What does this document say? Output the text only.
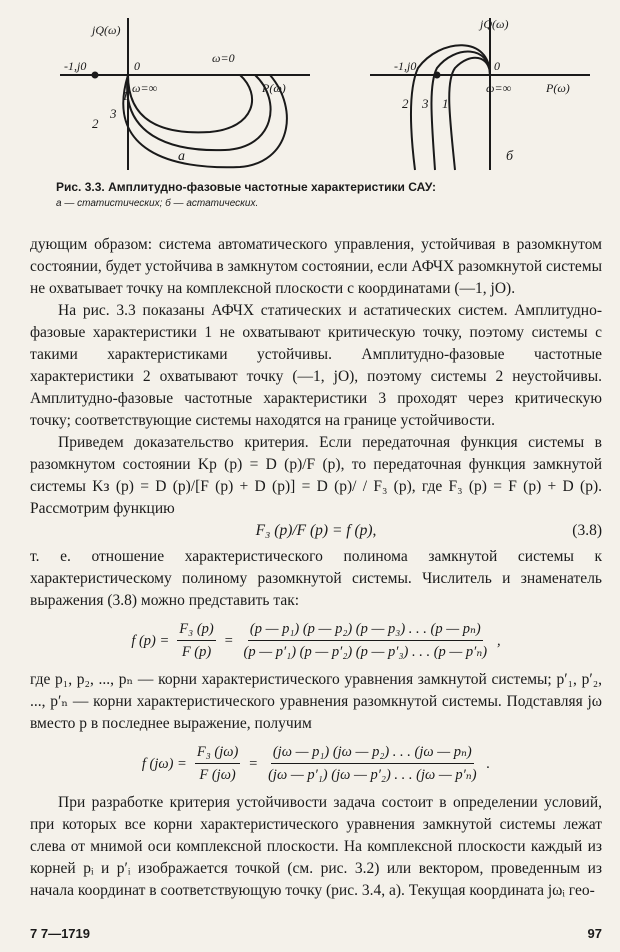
jQ(ω)
P(ω)
-1,j0	0
ω=∞
ω=0
1
3
2
a
jQ(ω)
P(ω)
-1,j0	0
ω=∞
2 3 1
б
Рис. 3.3. Амплитудно-фазовые частотные характеристики САУ:
а — статистических; б — астатических.

дующим образом: система автоматического управления, устойчивая в разомкнутом состоянии, будет устойчива в замкнутом состоянии, если АФЧХ разомкнутой системы не охватывает точку на комплексной плоскости с координатами (—1, jO).

На рис. 3.3 показаны АФЧХ статических и астатических систем. Амплитудно-фазовые характеристики 1 не охватывают критическую точку, поэтому системы с такими характеристиками устойчивы. Амплитудно-фазовые частотные характеристики 2 охватывают точку (—1, jO), поэтому системы 2 неустойчивы. Амплитудно-фазовые частотные характеристики 3 проходят через критическую точку; соответствующие системы находятся на границе устойчивости.

Приведем доказательство критерия. Если передаточная функция системы в разомкнутом состоянии Kр (p) = D (p)/F (p), то передаточная функция замкнутой системы Kз (p) = D (p)/[F (p) + D (p)] = D (p)/ / F₃ (p), где F₃ (p) = F (p) + D (p). Рассмотрим функцию

F₃ (p)/F (p) = f (p),	(3.8)

т. е. отношение характеристического полинома замкнутой системы к характеристическому полиному разомкнутой системы. Числитель и знаменатель выражения (3.8) можно представить так:

f $(p) = \frac{\text{F₃ (p)}}{F (p)} = \frac{\text{(p — p₁) (p — p₂) (p — p₃) . . . (p — pₙ)}}{\text{(p — p′₁) (p — p′₂) (p — p′₃) . . . (p — p′ₙ)}}$ ,

где p₁, p₂, ..., pₙ — корни характеристического уравнения замкнутой системы; p′₁, p′₂, ..., p′ₙ — корни характеристического уравнения разомкнутой системы. Подставляя jω вместо p в последнее выражение, получим

f $(j\omega) = \frac{\text{F₃ (jω)}}{F (j\omega)} = \frac{\text{(jω — p₁) (jω — p₂) . . . (jω — pₙ)}}{\text{(jω — p′₁) (jω — p′₂) . . . (jω — p′ₙ)}}$ .

При разработке критерия устойчивости задача состоит в определении условий, при которых все корни характеристического уравнения замкнутой системы лежат слева от мнимой оси комплексной плоскости. На комплексной плоскости каждый из корней pᵢ и p′ᵢ изображается точкой (см. рис. 3.2) или вектором, проведенным из начала координат в соответствующую точку (рис. 3.4, а). Текущая координата jωᵢ гео-

7 7—1719	97
